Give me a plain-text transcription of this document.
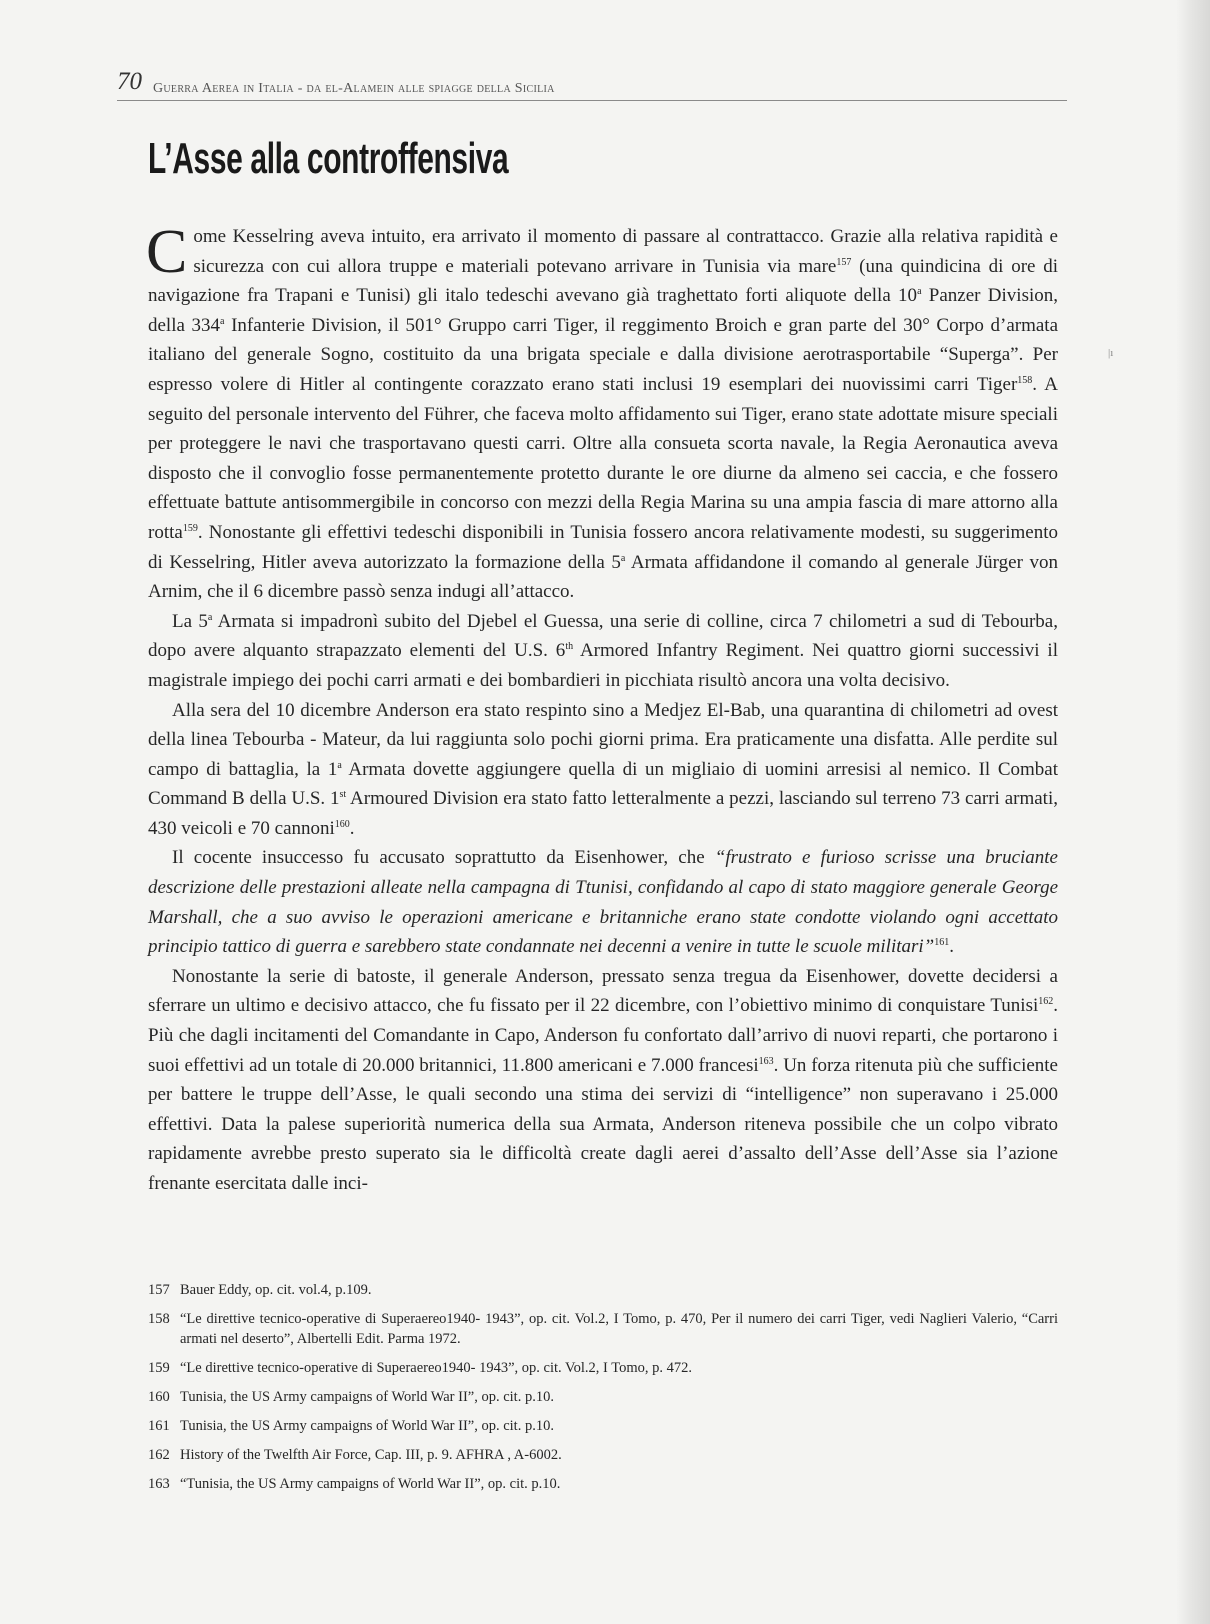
70 Guerra Aerea in Italia - da el-Alamein alle spiagge della Sicilia
L’Asse alla controffensiva
|ı

Come Kesselring aveva intuito, era arrivato il momento di passare al contrattacco. Grazie alla relativa rapidità e sicurezza con cui allora truppe e materiali potevano arrivare in Tunisia via mare$^{157}$ (una quindicina di ore di navigazione fra Trapani e Tunisi) gli italo tedeschi avevano già traghettato forti aliquote della 10$^a$ Panzer Division, della 334$^a$ Infanterie Division, il 501° Gruppo carri Tiger, il reggimento Broich e gran parte del 30° Corpo d’armata italiano del generale Sogno, costituito da una brigata speciale e dalla divisione aerotrasportabile “Superga”. Per espresso volere di Hitler al contingente corazzato erano stati inclusi 19 esemplari dei nuovissimi carri Tiger$^{158}$. A seguito del personale intervento del Führer, che faceva molto affidamento sui Tiger, erano state adottate misure speciali per proteggere le navi che trasportavano questi carri. Oltre alla consueta scorta navale, la Regia Aeronautica aveva disposto che il convoglio fosse permanentemente protetto durante le ore diurne da almeno sei caccia, e che fossero effettuate battute antisommergibile in concorso con mezzi della Regia Marina su una ampia fascia di mare attorno alla rotta$^{159}$. Nonostante gli effettivi tedeschi disponibili in Tunisia fossero ancora relativamente modesti, su suggerimento di Kesselring, Hitler aveva autorizzato la formazione della 5$^a$ Armata affidandone il comando al generale Jürger von Arnim, che il 6 dicembre passò senza indugi all’attacco.

La 5$^a$ Armata si impadronì subito del Djebel el Guessa, una serie di colline, circa 7 chilometri a sud di Tebourba, dopo avere alquanto strapazzato elementi del U.S. 6th Armored Infantry Regiment. Nei quattro giorni successivi il magistrale impiego dei pochi carri armati e dei bombardieri in picchiata risultò ancora una volta decisivo.

Alla sera del 10 dicembre Anderson era stato respinto sino a Medjez El-Bab, una quarantina di chilometri ad ovest della linea Tebourba - Mateur, da lui raggiunta solo pochi giorni prima. Era praticamente una disfatta. Alle perdite sul campo di battaglia, la 1$^a$ Armata dovette aggiungere quella di un migliaio di uomini arresisi al nemico. Il Combat Command B della U.S. 1st Armoured Division era stato fatto letteralmente a pezzi, lasciando sul terreno 73 carri armati, 430 veicoli e 70 cannoni$^{160}$.

Il cocente insuccesso fu accusato soprattutto da Eisenhower, che “frustrato e furioso scrisse una bruciante descrizione delle prestazioni alleate nella campagna di Ttunisi, confidando al capo di stato maggiore generale George Marshall, che a suo avviso le operazioni americane e britanniche erano state condotte violando ogni accettato principio tattico di guerra e sarebbero state condannate nei decenni a venire in tutte le scuole militari”$^{161}$.

Nonostante la serie di batoste, il generale Anderson, pressato senza tregua da Eisenhower, dovette decidersi a sferrare un ultimo e decisivo attacco, che fu fissato per il 22 dicembre, con l’obiettivo minimo di conquistare Tunisi$^{162}$. Più che dagli incitamenti del Comandante in Capo, Anderson fu confortato dall’arrivo di nuovi reparti, che portarono i suoi effettivi ad un totale di 20.000 britannici, 11.800 americani e 7.000 francesi$^{163}$. Un forza ritenuta più che sufficiente per battere le truppe dell’Asse, le quali secondo una stima dei servizi di “intelligence” non superavano i 25.000 effettivi. Data la palese superiorità numerica della sua Armata, Anderson riteneva possibile che un colpo vibrato rapidamente avrebbe presto superato sia le difficoltà create dagli aerei d’assalto dell’Asse dell’Asse sia l’azione frenante esercitata dalle inci-

157 Bauer Eddy, op. cit. vol.4, p.109.
158 “Le direttive tecnico-operative di Superaereo1940- 1943”, op. cit. Vol.2, I Tomo, p. 470, Per il numero dei carri Tiger, vedi Naglieri Valerio, “Carri armati nel deserto”, Albertelli Edit. Parma 1972.
159 “Le direttive tecnico-operative di Superaereo1940- 1943”, op. cit. Vol.2, I Tomo, p. 472.
160 Tunisia, the US Army campaigns of World War II”, op. cit. p.10.
161 Tunisia, the US Army campaigns of World War II”, op. cit. p.10.
162 History of the Twelfth Air Force, Cap. III, p. 9. AFHRA , A-6002.
163 “Tunisia, the US Army campaigns of World War II”, op. cit. p.10.
